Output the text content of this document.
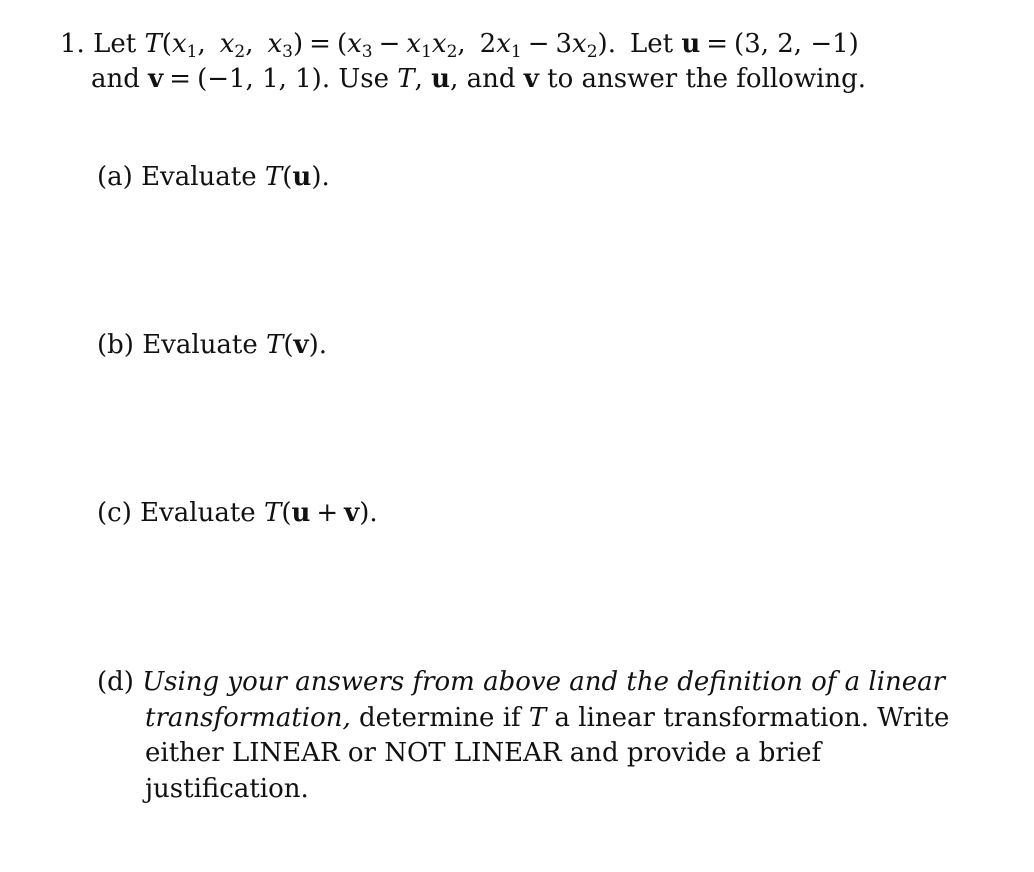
1. Let $T(x_1$, $x_2$, $x_3) = (x_3 - x_1x_2$, $2x_1 - 3x_2$). Let u = (3, 2, −1)
and v = (−1, 1, 1). Use T, u, and v to answer the following.
(a) Evaluate T(u).
(b) Evaluate T(v).
(c) Evaluate T(u + v).
(d) Using your answers from above and the definition of a linear
transformation, determine if T a linear transformation. Write
either LINEAR or NOT LINEAR and provide a brief
justification.
